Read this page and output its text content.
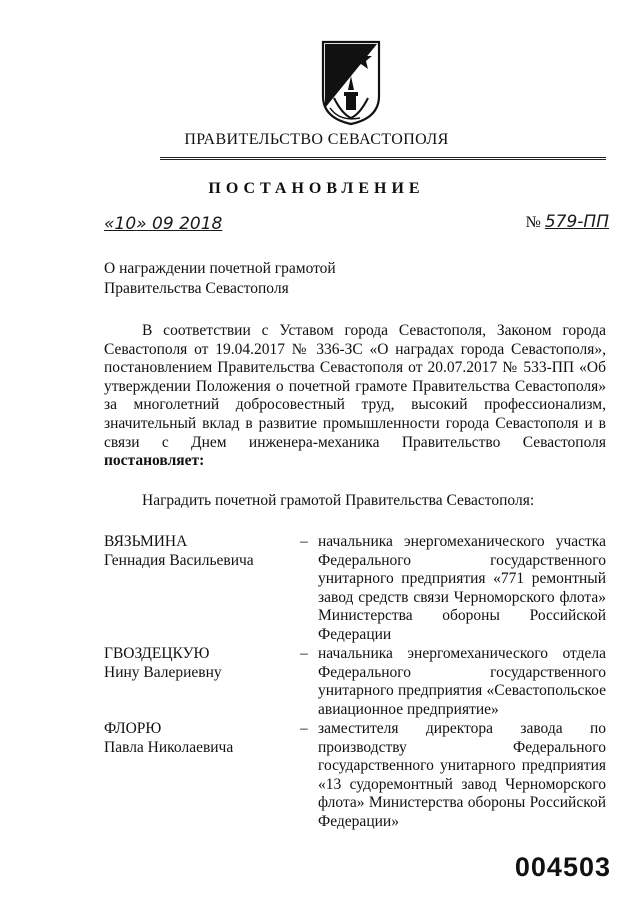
ПРАВИТЕЛЬСТВО СЕВАСТОПОЛЯ
ПОСТАНОВЛЕНИЕ
«10» 09 2018	№ 579-ПП
О награждении почетной грамотой
Правительства Севастополя
В соответствии с Уставом города Севастополя, Законом города Севастополя от 19.04.2017 № 336-ЗС «О наградах города Севастополя», постановлением Правительства Севастополя от 20.07.2017 № 533-ПП «Об утверждении Положения о почетной грамоте Правительства Севастополя» за многолетний добросовестный труд, высокий профессионализм, значительный вклад в развитие промышленности города Севастополя и в связи с Днем инженера-механика Правительство Севастополя постановляет:
Наградить почетной грамотой Правительства Севастополя:
ВЯЗЬМИНА
Геннадия Васильевича
– начальника энергомеханического участка Федерального государственного унитарного предприятия «771 ремонтный завод средств связи Черноморского флота» Министерства обороны Российской Федерации
ГВОЗДЕЦКУЮ
Нину Валериевну
– начальника энергомеханического отдела Федерального государственного унитарного предприятия «Севастопольское авиационное предприятие»
ФЛОРЮ
Павла Николаевича
– заместителя директора завода по производству Федерального государственного унитарного предприятия «13 судоремонтный завод Черноморского флота» Министерства обороны Российской Федерации»
004503
